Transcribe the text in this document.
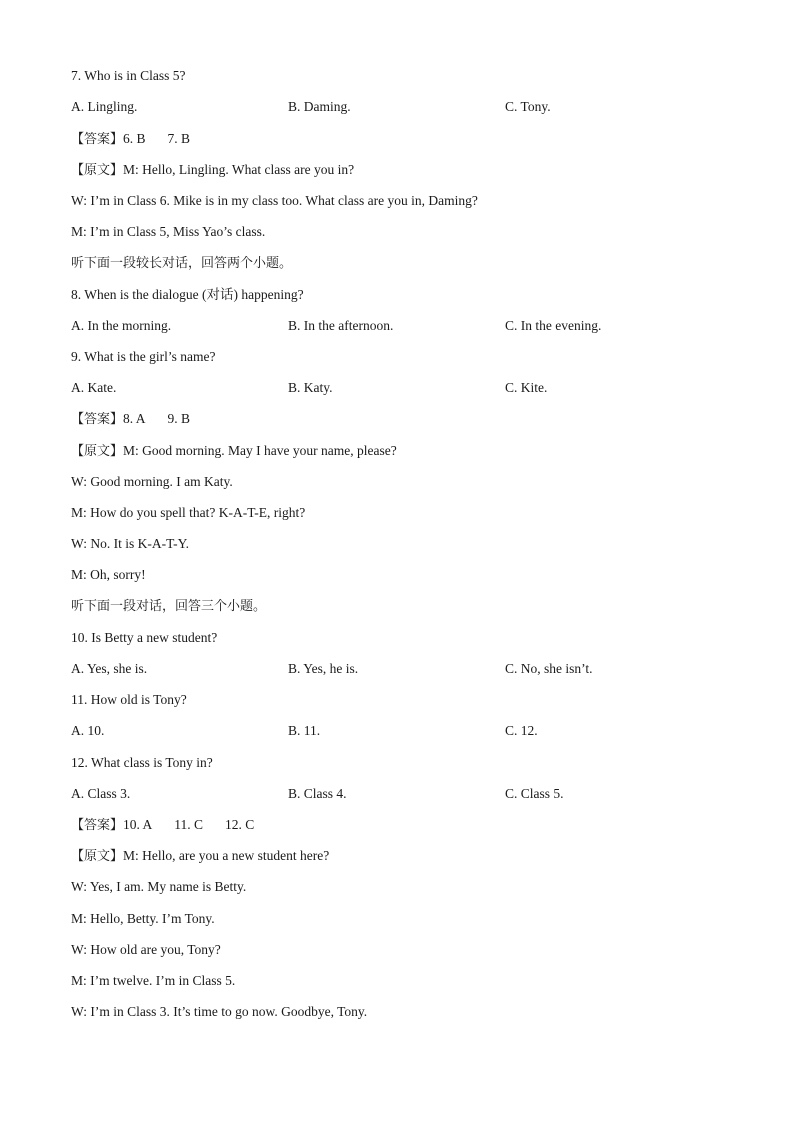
7. Who is in Class 5?
A. Lingling.	B. Daming.	C. Tony.
【答案】6. B 7. B
【原文】M: Hello, Lingling. What class are you in?
W: I’m in Class 6. Mike is in my class too. What class are you in, Daming?
M: I’m in Class 5, Miss Yao’s class.
听下面一段较长对话，回答两个小题。
8. When is the dialogue (对话) happening?
A. In the morning.	B. In the afternoon.	C. In the evening.
9. What is the girl’s name?
A. Kate.	B. Katy.	C. Kite.
【答案】8. A 9. B
【原文】M: Good morning. May I have your name, please?
W: Good morning. I am Katy.
M: How do you spell that? K-A-T-E, right?
W: No. It is K-A-T-Y.
M: Oh, sorry!
听下面一段对话，回答三个小题。
10. Is Betty a new student?
A. Yes, she is.	B. Yes, he is.	C. No, she isn’t.
11. How old is Tony?
A. 10.	B. 11.	C. 12.
12. What class is Tony in?
A. Class 3.	B. Class 4.	C. Class 5.
【答案】10. A 11. C 12. C
【原文】M: Hello, are you a new student here?
W: Yes, I am. My name is Betty.
M: Hello, Betty. I’m Tony.
W: How old are you, Tony?
M: I’m twelve. I’m in Class 5.
W: I’m in Class 3. It’s time to go now. Goodbye, Tony.
